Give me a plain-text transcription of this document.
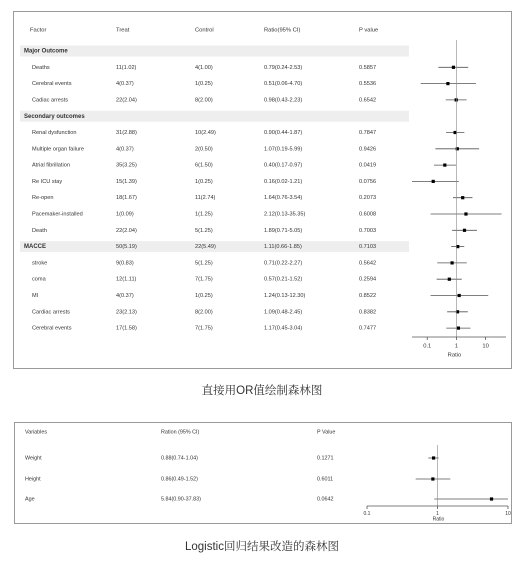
Factor	Treat	Control	Ratio(95% CI)	P value
Major Outcome
Deaths	11(1.02)	4(1.00)	0.79(0.24-2.53)	0.5857
Cerebral events	4(0.37)	1(0.25)	0.51(0.06-4.70)	0.5536
Cadiac arrests	22(2.04)	8(2.00)	0.98(0.43-2.23)	0.6542
Secondary outcomes
Renal dysfunction	31(2.88)	10(2.49)	0.90(0.44-1.87)	0.7847
Multiple organ failure	4(0.37)	2(0.50)	1.07(0.19-5.99)	0.9426
Atrial fibrillation	35(3.25)	6(1.50)	0.40(0.17-0.97)	0.0419
Re ICU stay	15(1.39)	1(0.25)	0.16(0.02-1.21)	0.0756
Re-open	18(1.67)	11(2.74)	1.64(0.76-3.54)	0.2073
Pacemaker-installed	1(0.09)	1(1.25)	2.12(0.13-35.35)	0.6008
Death	22(2.04)	5(1.25)	1.89(0.71-5.05)	0.7003
MACCE	50(5.19)	22(5.49)	1.11(0.66-1.85)	0.7103
stroke	9(0.83)	5(1.25)	0.71(0.22-2.27)	0.5642
coma	12(1.11)	7(1.75)	0.57(0.21-1.52)	0.2594
MI	4(0.37)	1(0.25)	1.24(0.13-12.30)	0.8522
Cardiac arrests	23(2.13)	8(2.00)	1.09(0.48-2.45)	0.8382
Cerebral events	17(1.58)	7(1.75)	1.17(0.45-3.04)	0.7477
0.1	1	10
Ratio
直接用OR值绘制森林图
Variables	Ration (95% CI)	P Value
Weight	0.88(0.74-1.04)	0.1271
Height	0.86(0.49-1.52)	0.6011
Age	5.84(0.90-37.83)	0.0642
0.1	1	10
Ratio
Logistic回归结果改造的森林图
